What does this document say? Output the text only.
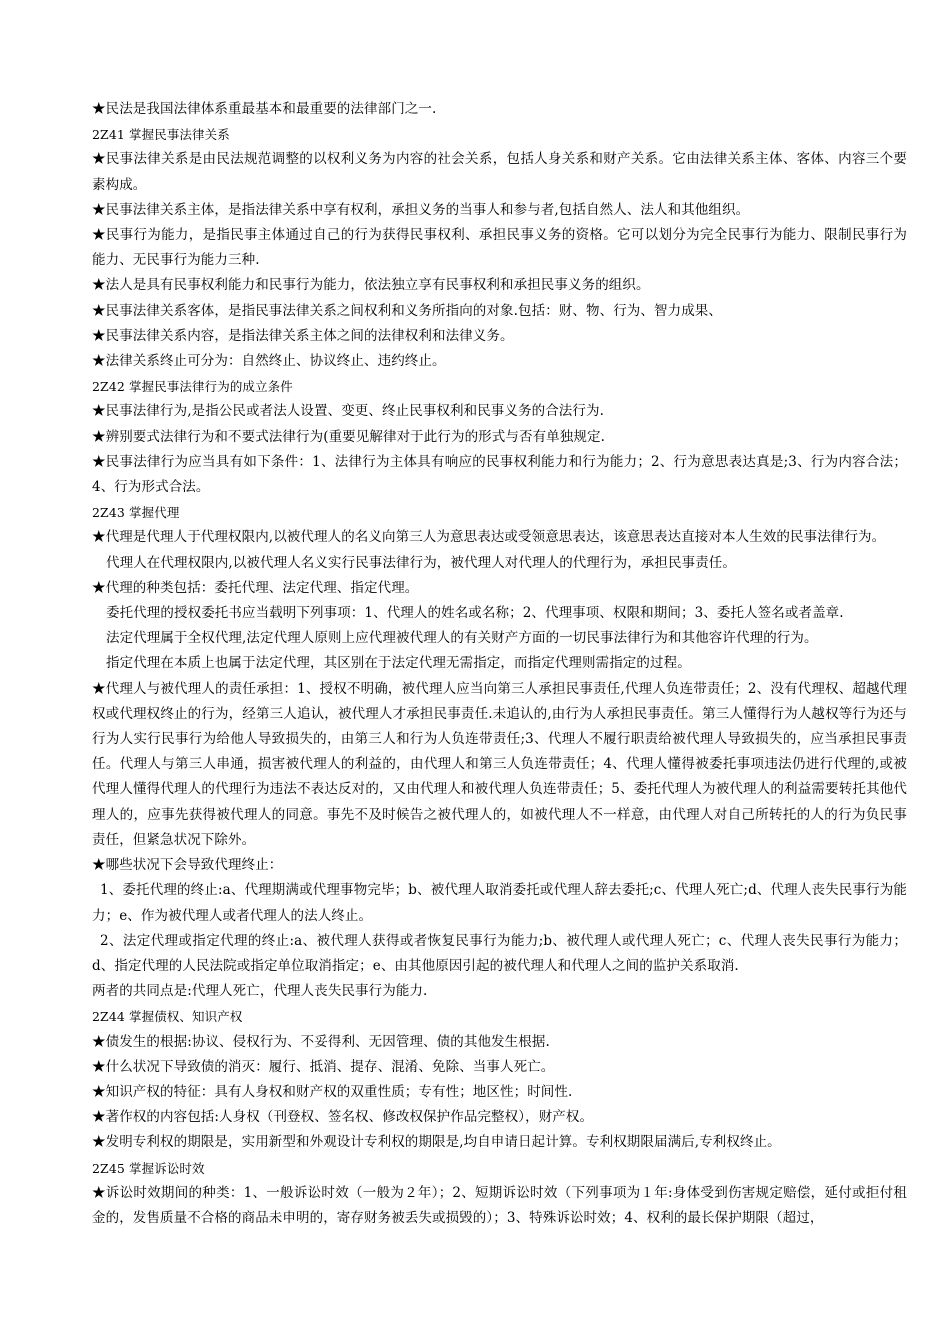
★民法是我国法律体系重最基本和最重要的法律部门之一.

2Z41 掌握民事法律关系

★民事法律关系是由民法规范调整的以权利义务为内容的社会关系，包括人身关系和财产关系。它由法律关系主体、客体、内容三个要素构成。

★民事法律关系主体，是指法律关系中享有权利，承担义务的当事人和参与者,包括自然人、法人和其他组织。

★民事行为能力，是指民事主体通过自己的行为获得民事权利、承担民事义务的资格。它可以划分为完全民事行为能力、限制民事行为能力、无民事行为能力三种.

★法人是具有民事权利能力和民事行为能力，依法独立享有民事权利和承担民事义务的组织。

★民事法律关系客体，是指民事法律关系之间权利和义务所指向的对象.包括：财、物、行为、智力成果、

★民事法律关系内容，是指法律关系主体之间的法律权利和法律义务。

★法律关系终止可分为：自然终止、协议终止、违约终止。

2Z42 掌握民事法律行为的成立条件

★民事法律行为,是指公民或者法人设置、变更、终止民事权利和民事义务的合法行为.

★辨别要式法律行为和不要式法律行为(重要见解律对于此行为的形式与否有单独规定.

★民事法律行为应当具有如下条件：1、法律行为主体具有响应的民事权利能力和行为能力；2、行为意思表达真是;3、行为内容合法；4、行为形式合法。

2Z43 掌握代理

★代理是代理人于代理权限内,以被代理人的名义向第三人为意思表达或受领意思表达，该意思表达直接对本人生效的民事法律行为。

代理人在代理权限内,以被代理人名义实行民事法律行为，被代理人对代理人的代理行为，承担民事责任。

★代理的种类包括：委托代理、法定代理、指定代理。

委托代理的授权委托书应当载明下列事项：1、代理人的姓名或名称；2、代理事项、权限和期间；3、委托人签名或者盖章.

法定代理属于全权代理,法定代理人原则上应代理被代理人的有关财产方面的一切民事法律行为和其他容许代理的行为。

指定代理在本质上也属于法定代理，其区别在于法定代理无需指定，而指定代理则需指定的过程。

★代理人与被代理人的责任承担：1、授权不明确，被代理人应当向第三人承担民事责任,代理人负连带责任；2、没有代理权、超越代理权或代理权终止的行为，经第三人追认，被代理人才承担民事责任.未追认的,由行为人承担民事责任。第三人懂得行为人越权等行为还与行为人实行民事行为给他人导致损失的，由第三人和行为人负连带责任;3、代理人不履行职责给被代理人导致损失的，应当承担民事责任。代理人与第三人串通，损害被代理人的利益的，由代理人和第三人负连带责任；4、代理人懂得被委托事项违法仍进行代理的,或被代理人懂得代理人的代理行为违法不表达反对的，又由代理人和被代理人负连带责任；5、委托代理人为被代理人的利益需要转托其他代理人的，应事先获得被代理人的同意。事先不及时候告之被代理人的，如被代理人不一样意，由代理人对自己所转托的人的行为负民事责任，但紧急状况下除外。

★哪些状况下会导致代理终止：

1、委托代理的终止:a、代理期满或代理事物完毕；b、被代理人取消委托或代理人辞去委托;c、代理人死亡;d、代理人丧失民事行为能力；e、作为被代理人或者代理人的法人终止。

2、法定代理或指定代理的终止:a、被代理人获得或者恢复民事行为能力;b、被代理人或代理人死亡；c、代理人丧失民事行为能力；d、指定代理的人民法院或指定单位取消指定；e、由其他原因引起的被代理人和代理人之间的监护关系取消.

两者的共同点是:代理人死亡，代理人丧失民事行为能力.

2Z44 掌握债权、知识产权

★债发生的根据:协议、侵权行为、不妥得利、无因管理、债的其他发生根据.

★什么状况下导致债的消灭：履行、抵消、提存、混淆、免除、当事人死亡。

★知识产权的特征：具有人身权和财产权的双重性质；专有性；地区性；时间性.

★著作权的内容包括:人身权（刊登权、签名权、修改权保护作品完整权），财产权。

★发明专利权的期限是，实用新型和外观设计专利权的期限是,均自申请日起计算。专利权期限届满后,专利权终止。

2Z45 掌握诉讼时效

★诉讼时效期间的种类：1、一般诉讼时效（一般为２年）；2、短期诉讼时效（下列事项为１年:身体受到伤害规定赔偿，延付或拒付租金的，发售质量不合格的商品未申明的，寄存财务被丢失或损毁的）；3、特殊诉讼时效；4、权利的最长保护期限（超过，
